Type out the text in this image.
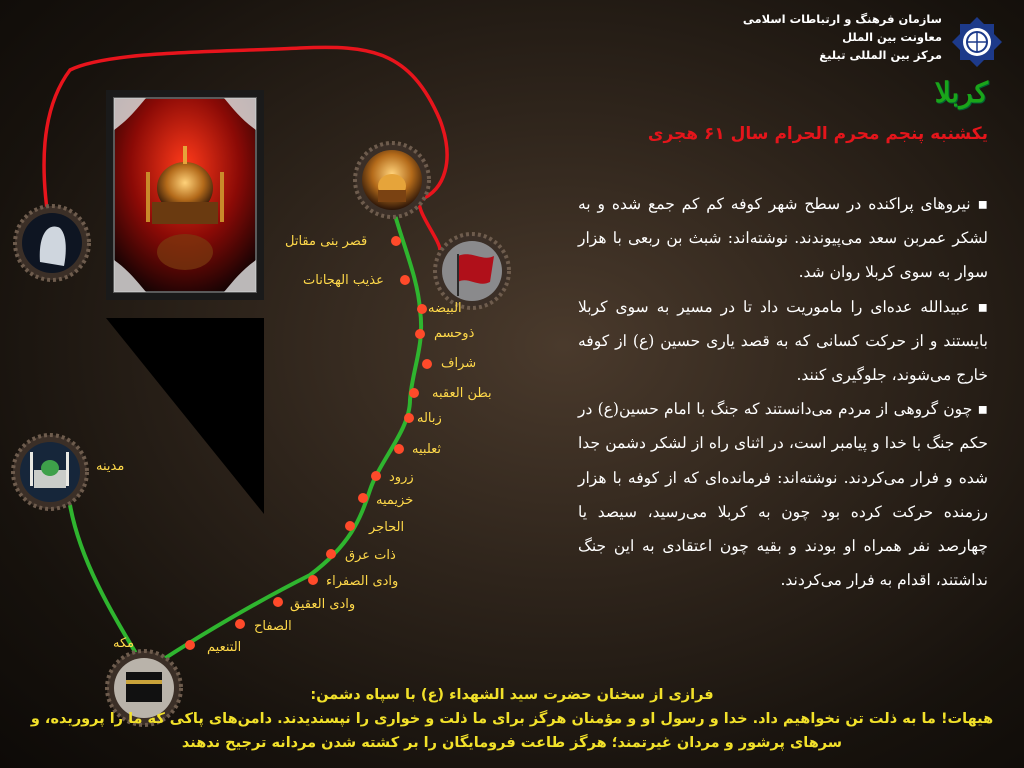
سازمان فرهنگ و ارتباطات اسلامی
معاونت بین الملل
مرکز بین المللی تبلیغ
کربلا
یکشنبه پنجم محرم الحرام سال ۶۱ هجری

▪ نیروهای پراکنده در سطح شهر کوفه کم کم جمع شده و به لشکر عمربن سعد می‌پیوندند. نوشته‌اند: شبث بن ربعی با هزار سوار به سوی کربلا روان شد.

▪ عبیدالله عده‌ای را ماموریت داد تا در مسیر به سوی کربلا بایستند و از حرکت کسانی که به قصد یاری حسین (ع) از کوفه خارج می‌شوند، جلوگیری کنند.

▪ چون گروهی از مردم می‌دانستند که جنگ با امام حسین(ع) در حکم جنگ با خدا و پیامبر است، در اثنای راه از لشکر دشمن جدا شده و فرار می‌کردند. نوشته‌اند: فرمانده‌ای که از کوفه با هزار رزمنده حرکت کرده بود چون به کربلا می‌رسید، سیصد یا چهارصد نفر همراه او بودند و بقیه چون اعتقادی به این جنگ نداشتند، اقدام به فرار می‌کردند.

قصر بنی مقاتل
عذیب الهجانات
البیضه
ذوحسم
شراف
بطن العقبه
زباله
ثعلبیه
زرود
خزیمیه
الحاجر
ذات عرق
وادی الصفراء
وادی العقیق
الصفاح
التنعیم
مکه
مدینه
فرازی از سخنان حضرت سید الشهداء (ع) با سپاه دشمن:
هیهات! ما به ذلت تن نخواهیم داد. خدا و رسول او و مؤمنان هرگز برای ما ذلت و خواری را نپسندیدند. دامن‌های پاکی که ما را پرورید‌ه، و سرهای پرشور و مردان غیرتمند؛ هرگز طاعت فرومایگان را بر کشته شدن مردانه ترجیح ندهند
